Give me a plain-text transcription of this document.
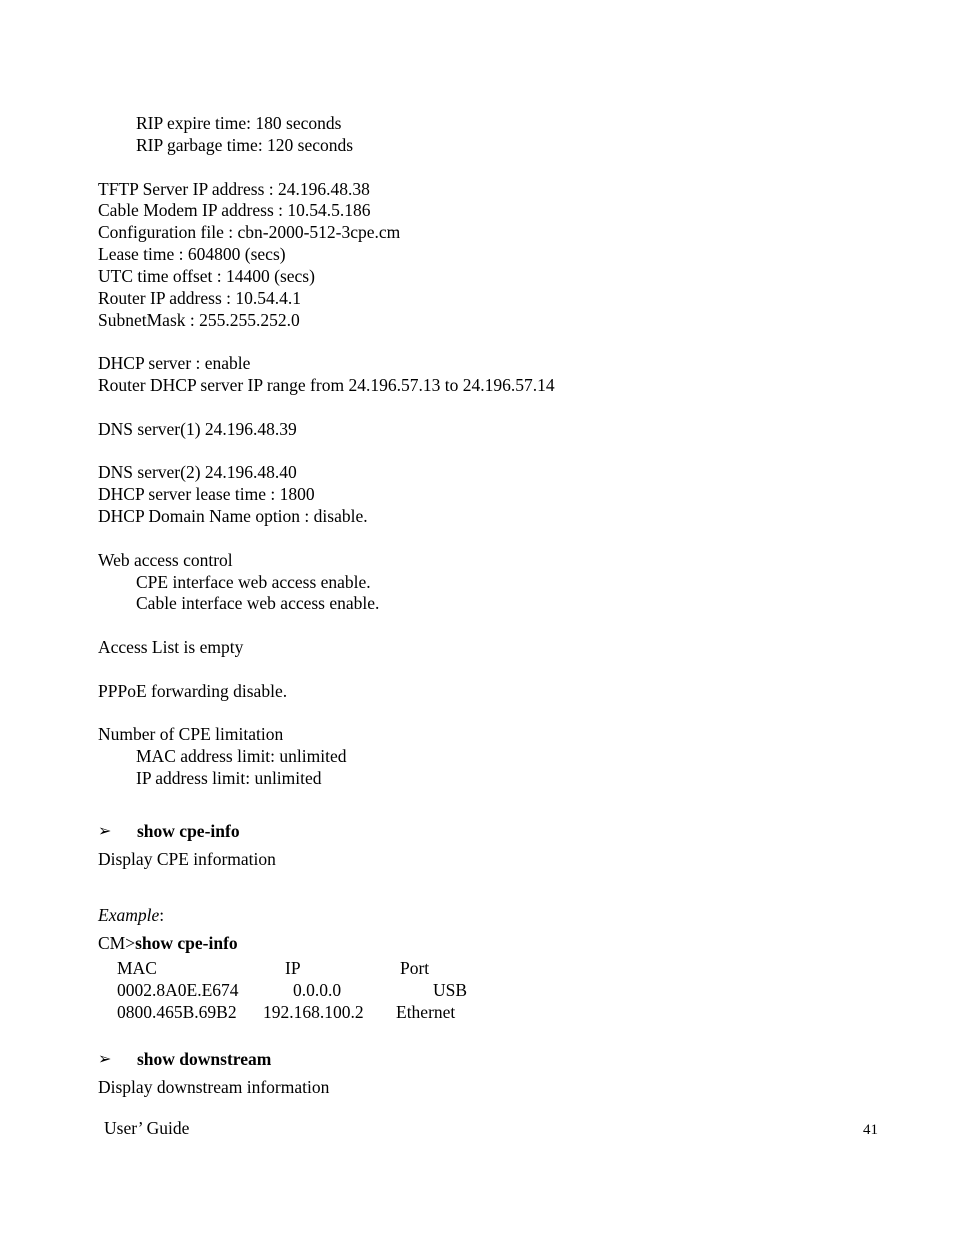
RIP expire time: 180 seconds
RIP garbage time: 120 seconds
TFTP Server IP address : 24.196.48.38
Cable Modem IP address : 10.54.5.186
Configuration file : cbn-2000-512-3cpe.cm
Lease time : 604800 (secs)
UTC time offset : 14400 (secs)
Router IP address : 10.54.4.1
SubnetMask : 255.255.252.0
DHCP server : enable
Router DHCP server IP range from 24.196.57.13 to 24.196.57.14
DNS server(1) 24.196.48.39
DNS server(2) 24.196.48.40
DHCP server lease time : 1800
DHCP Domain Name option : disable.
Web access control
CPE interface web access enable.
Cable interface web access enable.
Access List is empty
PPPoE forwarding disable.
Number of CPE limitation
MAC address limit: unlimited
IP address limit: unlimited
➢ show cpe-info
Display CPE information
Example:
CM>show cpe-info
MAC	IP	Port
0002.8A0E.E674	0.0.0.0	USB
0800.465B.69B2 192.168.100.2 Ethernet
➢ show downstream
Display downstream information
User’ Guide	41
